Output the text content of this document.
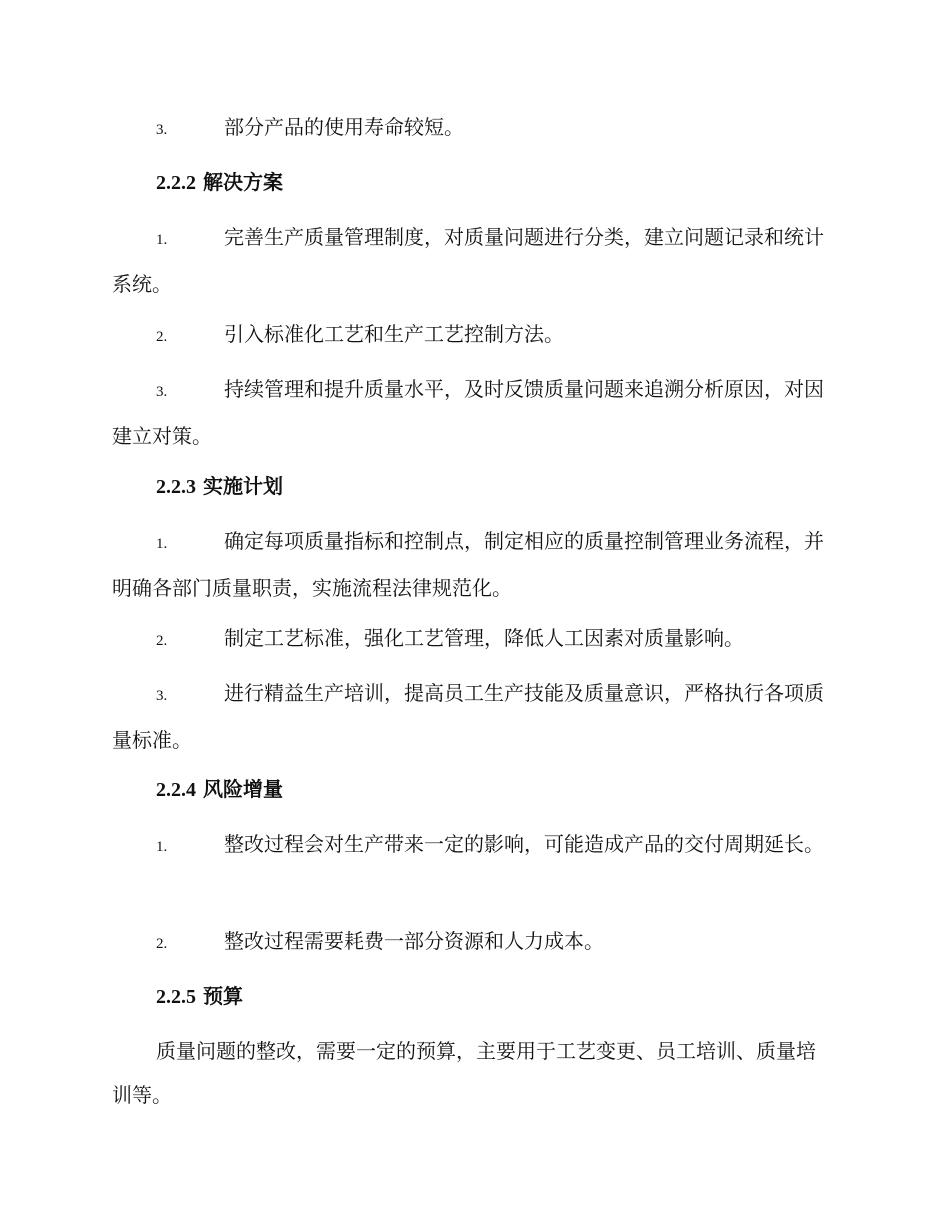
3.	部分产品的使用寿命较短。

2.2.2 解决方案

1.	完善生产质量管理制度，对质量问题进行分类，建立问题记录和统计系统。

2.	引入标准化工艺和生产工艺控制方法。

3.	持续管理和提升质量水平，及时反馈质量问题来追溯分析原因，对因建立对策。

2.2.3 实施计划

1.	确定每项质量指标和控制点，制定相应的质量控制管理业务流程，并明确各部门质量职责，实施流程法律规范化。

2.	制定工艺标准，强化工艺管理，降低人工因素对质量影响。

3.	进行精益生产培训，提高员工生产技能及质量意识，严格执行各项质量标准。

2.2.4 风险增量

1.	整改过程会对生产带来一定的影响，可能造成产品的交付周期延长。

2.	整改过程需要耗费一部分资源和人力成本。

2.2.5 预算

质量问题的整改，需要一定的预算，主要用于工艺变更、员工培训、质量培训等。
